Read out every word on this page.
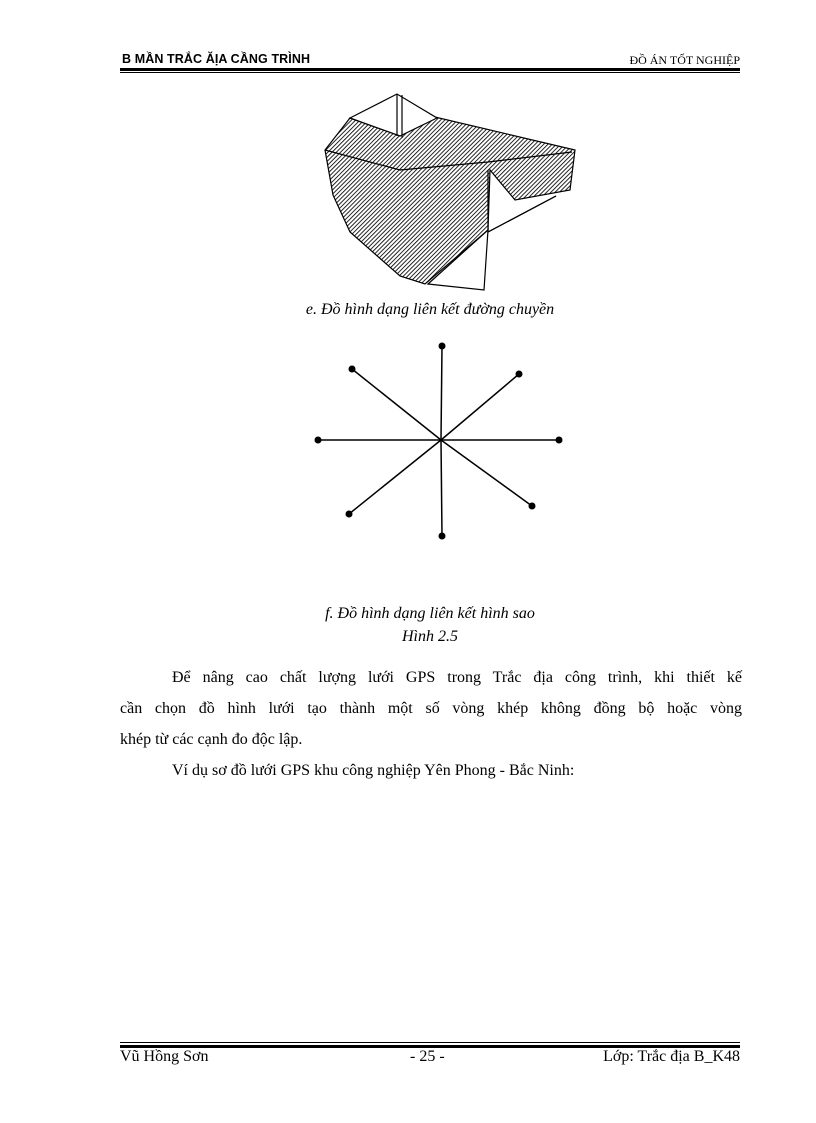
B MẦN TRẮC ĂỊA CẦNG TRÌNH	ĐỒ ÁN TỐT NGHIỆP
e. Đồ hình dạng liên kết đường chuyền
f. Đồ hình dạng liên kết hình sao
Hình 2.5
Để nâng cao chất lượng lưới GPS trong Trắc địa công trình, khi thiết kế
cần chọn đồ hình lưới tạo thành một số vòng khép không đồng bộ hoặc vòng
khép từ các cạnh đo độc lập.
Ví dụ sơ đồ lưới GPS khu công nghiệp Yên Phong - Bắc Ninh:
Vũ Hồng Sơn	- 25 -	Lớp: Trắc địa B_K48
